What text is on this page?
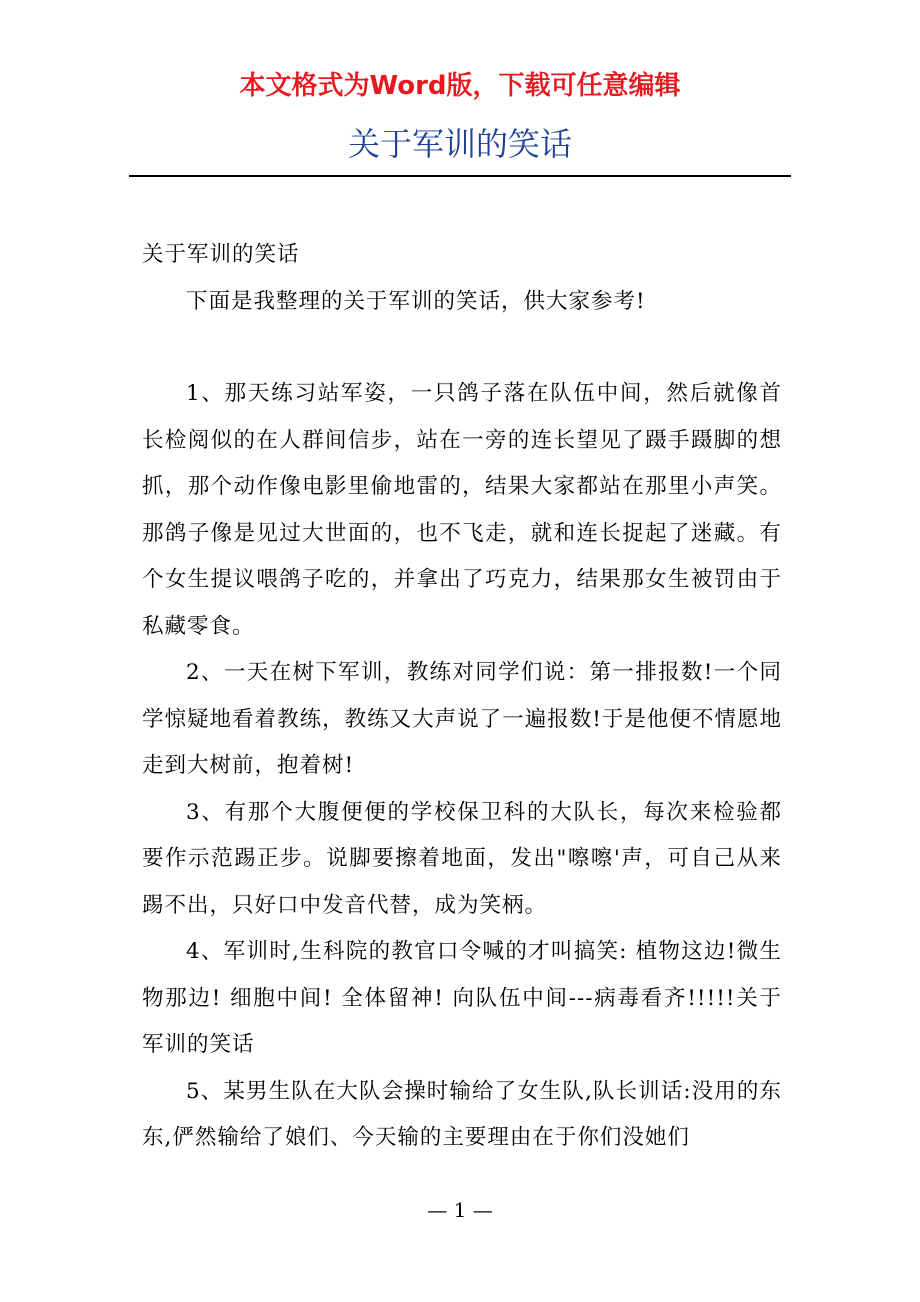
本文格式为Word版，下载可任意编辑
关于军训的笑话

关于军训的笑话

下面是我整理的关于军训的笑话，供大家参考!

1、那天练习站军姿，一只鸽子落在队伍中间，然后就像首长检阅似的在人群间信步，站在一旁的连长望见了蹑手蹑脚的想抓，那个动作像电影里偷地雷的，结果大家都站在那里小声笑。那鸽子像是见过大世面的，也不飞走，就和连长捉起了迷藏。有个女生提议喂鸽子吃的，并拿出了巧克力，结果那女生被罚由于私藏零食。

2、一天在树下军训，教练对同学们说：第一排报数!一个同学惊疑地看着教练，教练又大声说了一遍报数!于是他便不情愿地走到大树前，抱着树!

3、有那个大腹便便的学校保卫科的大队长，每次来检验都要作示范踢正步。说脚要擦着地面，发出"嚓嚓'声，可自己从来踢不出，只好口中发音代替，成为笑柄。

4、军训时,生科院的教官口令喊的才叫搞笑: 植物这边!微生物那边! 细胞中间! 全体留神! 向队伍中间---病毒看齐!!!!!关于军训的笑话

5、某男生队在大队会操时输给了女生队,队长训话:没用的东东,俨然输给了娘们、今天输的主要理由在于你们没她们

— 1 —
